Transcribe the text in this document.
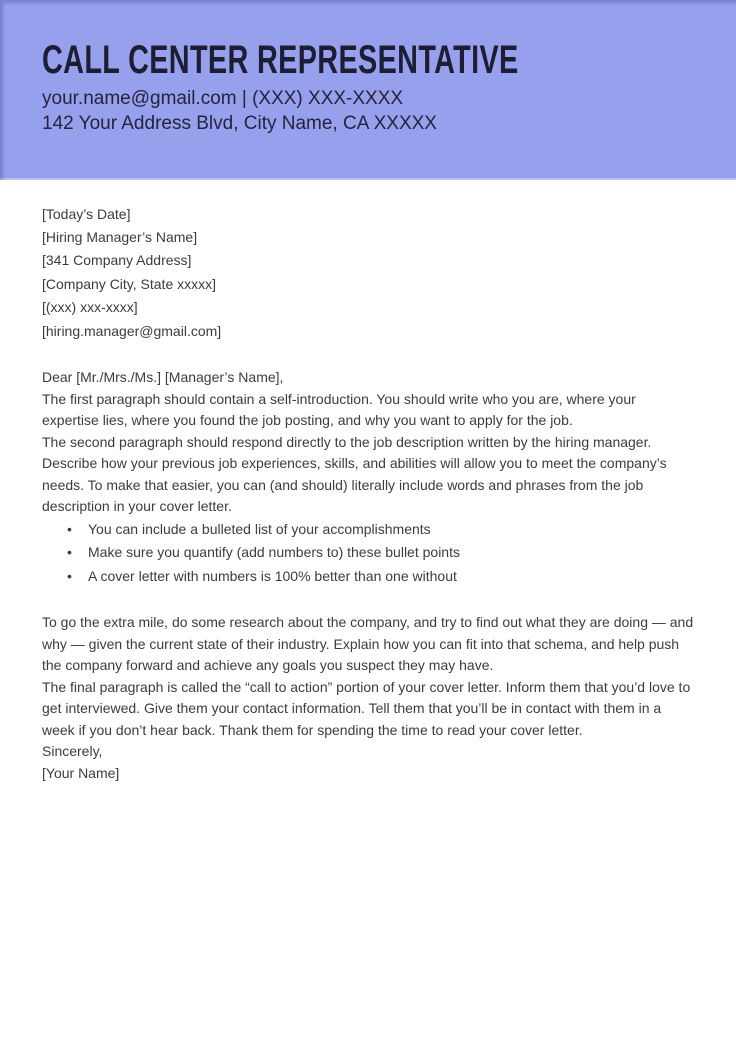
CALL CENTER REPRESENTATIVE
your.name@gmail.com | (XXX) XXX-XXXX
142 Your Address Blvd, City Name, CA XXXXX

[Today’s Date]

[Hiring Manager’s Name]
[341 Company Address]
[Company City, State xxxxx]
[(xxx) xxx-xxxx]
[hiring.manager@gmail.com]

Dear [Mr./Mrs./Ms.] [Manager’s Name],

The first paragraph should contain a self-introduction. You should write who you are, where your expertise lies, where you found the job posting, and why you want to apply for the job.

The second paragraph should respond directly to the job description written by the hiring manager. Describe how your previous job experiences, skills, and abilities will allow you to meet the company’s needs. To make that easier, you can (and should) literally include words and phrases from the job description in your cover letter.

• You can include a bulleted list of your accomplishments
• Make sure you quantify (add numbers to) these bullet points
• A cover letter with numbers is 100% better than one without

To go the extra mile, do some research about the company, and try to find out what they are doing — and why — given the current state of their industry. Explain how you can fit into that schema, and help push the company forward and achieve any goals you suspect they may have.

The final paragraph is called the “call to action” portion of your cover letter. Inform them that you’d love to get interviewed. Give them your contact information. Tell them that you’ll be in contact with them in a week if you don’t hear back. Thank them for spending the time to read your cover letter.

Sincerely,

[Your Name]
